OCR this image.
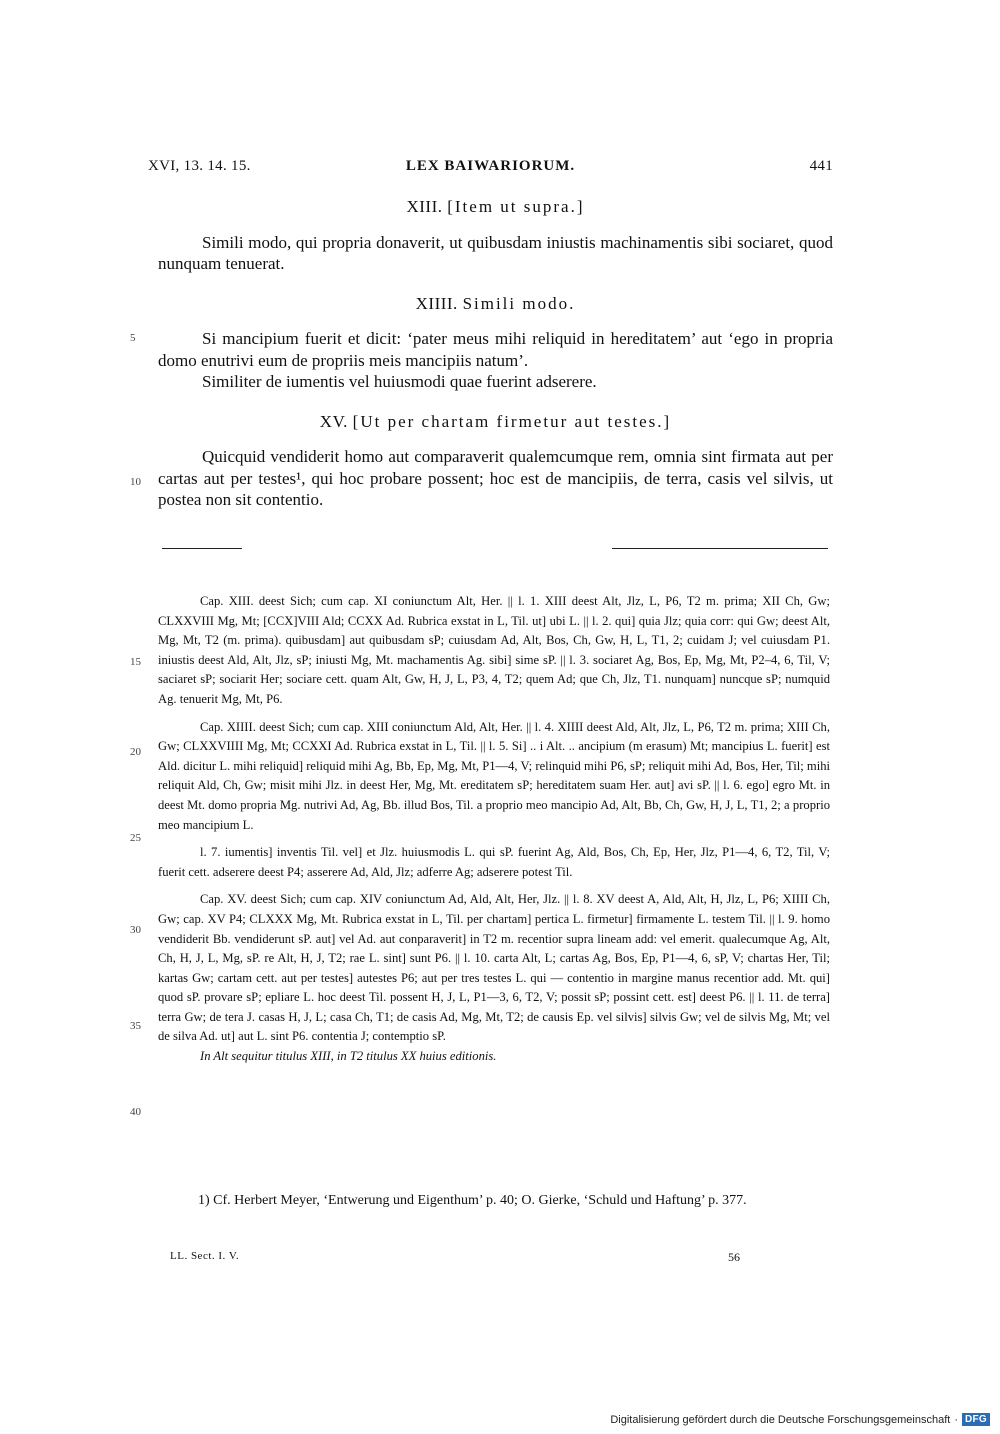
XVI, 13. 14. 15.	LEX BAIWARIORUM.	441

XIII. [Item ut supra.]

Simili modo, qui propria donaverit, ut quibusdam iniustis machinamentis sibi sociaret, quod nunquam tenuerat.

XIIII. Simili modo.

Si mancipium fuerit et dicit: ‘pater meus mihi reliquid in hereditatem’ aut ‘ego in propria domo enutrivi eum de propriis meis mancipiis natum’.

Similiter de iumentis vel huiusmodi quae fuerint adserere.

XV. [Ut per chartam firmetur aut testes.]

Quicquid vendiderit homo aut comparaverit qualemcumque rem, omnia sint firmata aut per cartas aut per testes¹, qui hoc probare possent; hoc est de mancipiis, de terra, casis vel silvis, ut postea non sit contentio.

5
10
15
20
25
30
35
40

Cap. XIII. deest Sich; cum cap. XI coniunctum Alt, Her. || l. 1. XIII deest Alt, Jlz, L, P6, T2 m. prima; XII Ch, Gw; CLXXVIII Mg, Mt; [CCX]VIII Ald; CCXX Ad. Rubrica exstat in L, Til. ut] ubi L. || l. 2. qui] quia Jlz; quia corr: qui Gw; deest Alt, Mg, Mt, T2 (m. prima). quibusdam] aut quibusdam sP; cuiusdam Ad, Alt, Bos, Ch, Gw, H, L, T1, 2; cuidam J; vel cuiusdam P1. iniustis deest Ald, Alt, Jlz, sP; iniusti Mg, Mt. machamentis Ag. sibi] sime sP. || l. 3. sociaret Ag, Bos, Ep, Mg, Mt, P2–4, 6, Til, V; saciaret sP; sociarit Her; sociare cett. quam Alt, Gw, H, J, L, P3, 4, T2; quem Ad; que Ch, Jlz, T1. nunquam] nuncque sP; numquid Ag. tenuerit Mg, Mt, P6.

Cap. XIIII. deest Sich; cum cap. XIII coniunctum Ald, Alt, Her. || l. 4. XIIII deest Ald, Alt, Jlz, L, P6, T2 m. prima; XIII Ch, Gw; CLXXVIIII Mg, Mt; CCXXI Ad. Rubrica exstat in L, Til. || l. 5. Si] .. i Alt. .. ancipium (m erasum) Mt; mancipius L. fuerit] est Ald. dicitur L. mihi reliquid] reliquid mihi Ag, Bb, Ep, Mg, Mt, P1—4, V; relinquid mihi P6, sP; reliquit mihi Ad, Bos, Her, Til; mihi reliquit Ald, Ch, Gw; misit mihi Jlz. in deest Her, Mg, Mt. ereditatem sP; hereditatem suam Her. aut] avi sP. || l. 6. ego] egro Mt. in deest Mt. domo propria Mg. nutrivi Ad, Ag, Bb. illud Bos, Til. a proprio meo mancipio Ad, Alt, Bb, Ch, Gw, H, J, L, T1, 2; a proprio meo mancipium L.

l. 7. iumentis] inventis Til. vel] et Jlz. huiusmodis L. qui sP. fuerint Ag, Ald, Bos, Ch, Ep, Her, Jlz, P1—4, 6, T2, Til, V; fuerit cett. adserere deest P4; asserere Ad, Ald, Jlz; adferre Ag; adserere potest Til.

Cap. XV. deest Sich; cum cap. XIV coniunctum Ad, Ald, Alt, Her, Jlz. || l. 8. XV deest A, Ald, Alt, H, Jlz, L, P6; XIIII Ch, Gw; cap. XV P4; CLXXX Mg, Mt. Rubrica exstat in L, Til. per chartam] pertica L. firmetur] firmamente L. testem Til. || l. 9. homo vendiderit Bb. vendiderunt sP. aut] vel Ad. aut conparaverit] in T2 m. recentior supra lineam add: vel emerit. qualecumque Ag, Alt, Ch, H, J, L, Mg, sP. re Alt, H, J, T2; rae L. sint] sunt P6. || l. 10. carta Alt, L; cartas Ag, Bos, Ep, P1—4, 6, sP, V; chartas Her, Til; kartas Gw; cartam cett. aut per testes] autestes P6; aut per tres testes L. qui — contentio in margine manus recentior add. Mt. qui] quod sP. provare sP; epliare L. hoc deest Til. possent H, J, L, P1—3, 6, T2, V; possit sP; possint cett. est] deest P6. || l. 11. de terra] terra Gw; de tera J. casas H, J, L; casa Ch, T1; de casis Ad, Mg, Mt, T2; de causis Ep. vel silvis] silvis Gw; vel de silvis Mg, Mt; vel de silva Ad. ut] aut L. sint P6. contentia J; contemptio sP.

In Alt sequitur titulus XIII, in T2 titulus XX huius editionis.

1) Cf. Herbert Meyer, ‘Entwerung und Eigenthum’ p. 40; O. Gierke, ‘Schuld und Haftung’ p. 377.
LL. Sect. I. V.	56
Digitalisierung gefördert durch die Deutsche Forschungsgemeinschaft · DFG
